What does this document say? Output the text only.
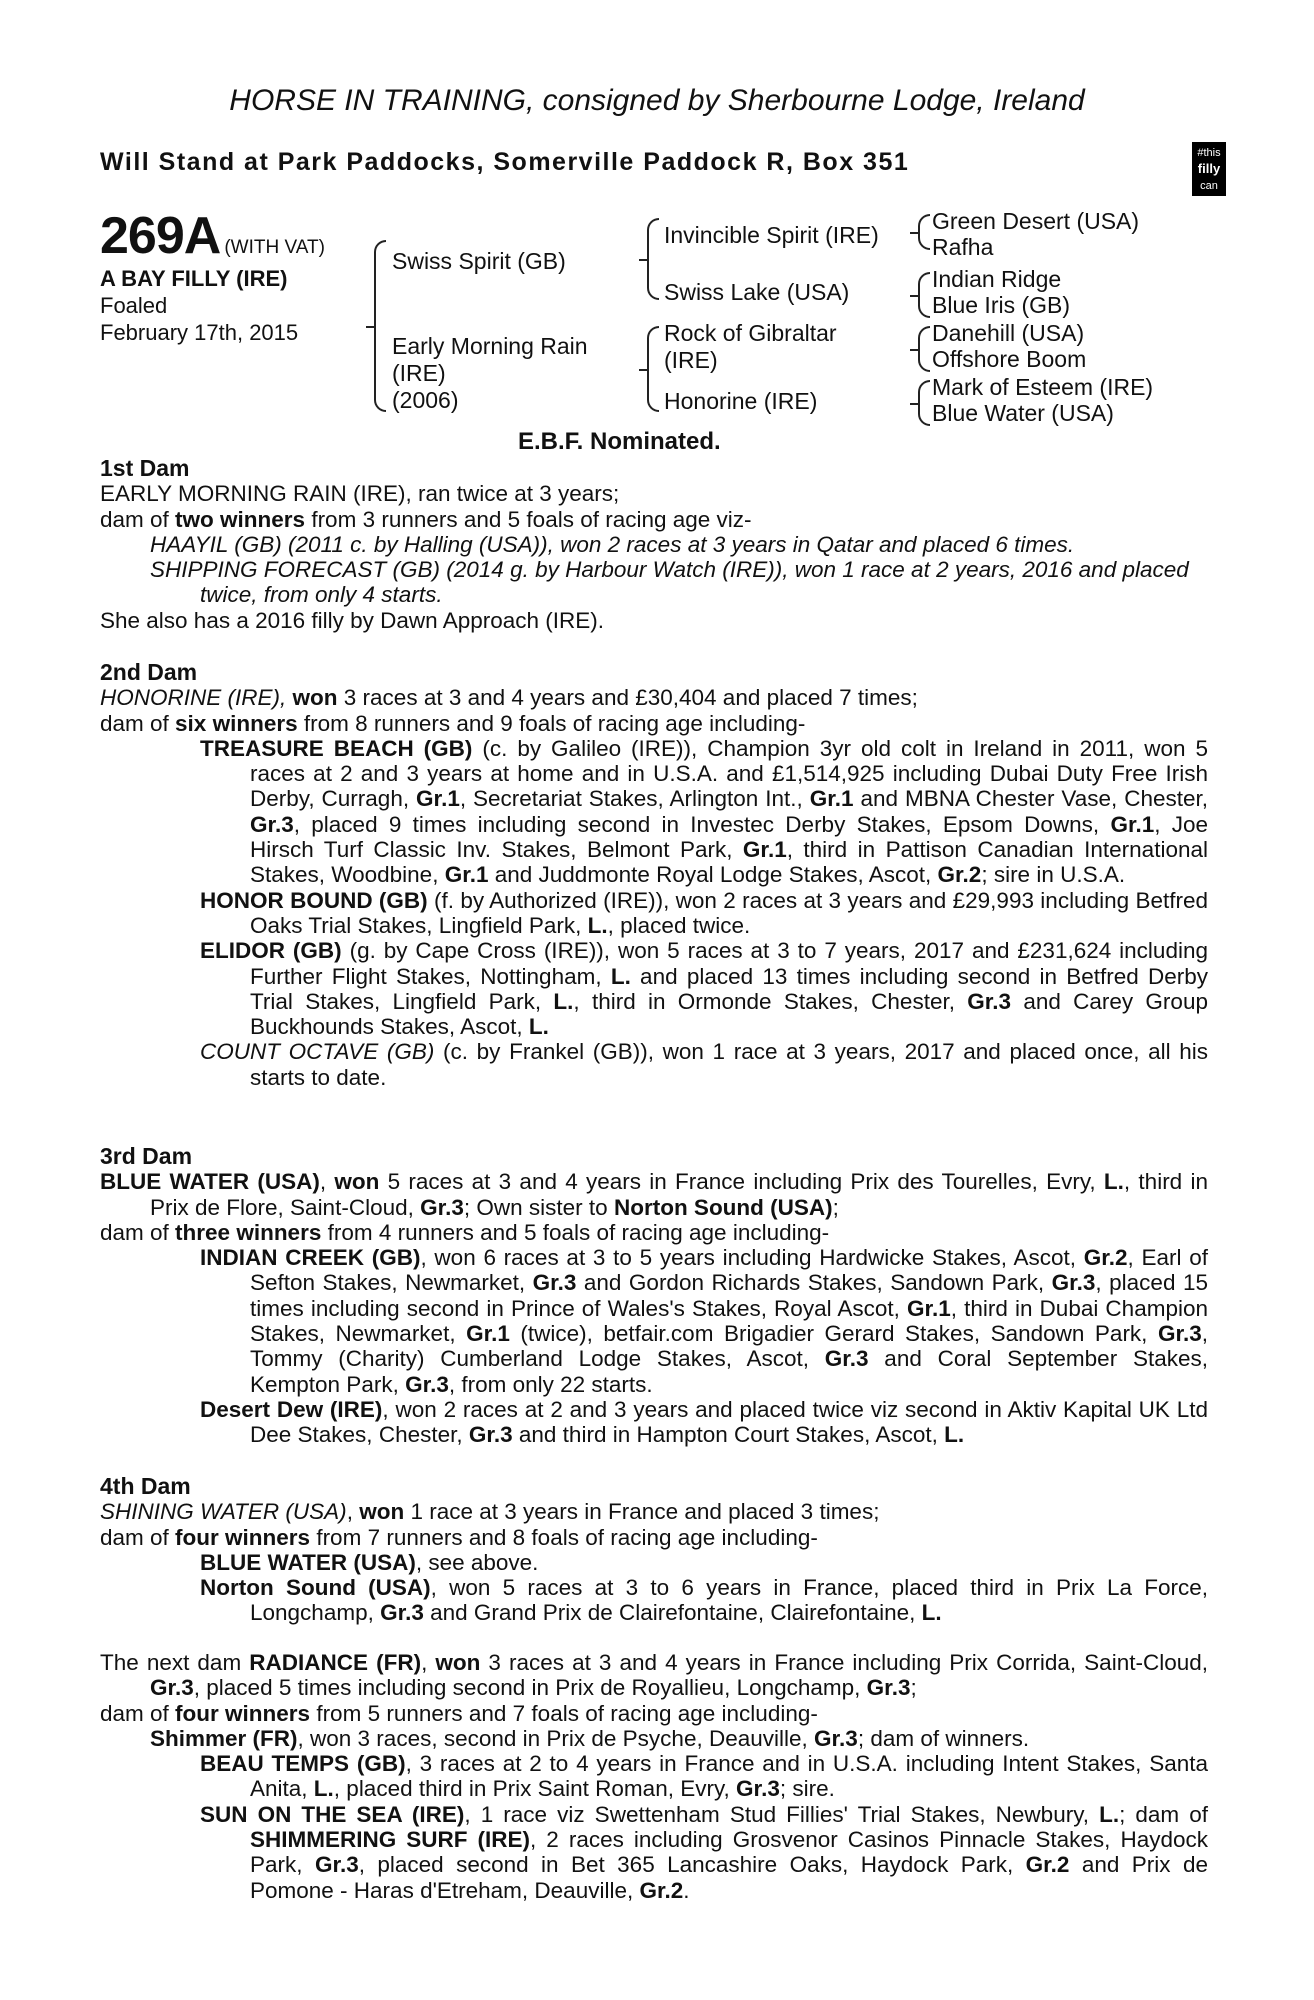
HORSE IN TRAINING, consigned by Sherbourne Lodge, Ireland
Will Stand at Park Paddocks, Somerville Paddock R, Box 351	#this
filly
can
269A (WITH VAT)
A BAY FILLY (IRE)
Foaled
February 17th, 2015
Swiss Spirit (GB)
Early Morning Rain
(IRE)
(2006)
Invincible Spirit (IRE)
Swiss Lake (USA)
Rock of Gibraltar
(IRE)
Honorine (IRE)
Green Desert (USA)
Rafha
Indian Ridge
Blue Iris (GB)
Danehill (USA)
Offshore Boom
Mark of Esteem (IRE)
Blue Water (USA)
E.B.F. Nominated.

1st Dam

EARLY MORNING RAIN (IRE), ran twice at 3 years;

dam of two winners from 3 runners and 5 foals of racing age viz-

HAAYIL (GB) (2011 c. by Halling (USA)), won 2 races at 3 years in Qatar and placed 6 times.

SHIPPING FORECAST (GB) (2014 g. by Harbour Watch (IRE)), won 1 race at 2 years, 2016 and placed twice, from only 4 starts.

She also has a 2016 filly by Dawn Approach (IRE).

2nd Dam

HONORINE (IRE), won 3 races at 3 and 4 years and £30,404 and placed 7 times;

dam of six winners from 8 runners and 9 foals of racing age including-

TREASURE BEACH (GB) (c. by Galileo (IRE)), Champion 3yr old colt in Ireland in 2011, won 5 races at 2 and 3 years at home and in U.S.A. and £1,514,925 including Dubai Duty Free Irish Derby, Curragh, Gr.1, Secretariat Stakes, Arlington Int., Gr.1 and MBNA Chester Vase, Chester, Gr.3, placed 9 times including second in Investec Derby Stakes, Epsom Downs, Gr.1, Joe Hirsch Turf Classic Inv. Stakes, Belmont Park, Gr.1, third in Pattison Canadian International Stakes, Woodbine, Gr.1 and Juddmonte Royal Lodge Stakes, Ascot, Gr.2; sire in U.S.A.

HONOR BOUND (GB) (f. by Authorized (IRE)), won 2 races at 3 years and £29,993 including Betfred Oaks Trial Stakes, Lingfield Park, L., placed twice.

ELIDOR (GB) (g. by Cape Cross (IRE)), won 5 races at 3 to 7 years, 2017 and £231,624 including Further Flight Stakes, Nottingham, L. and placed 13 times including second in Betfred Derby Trial Stakes, Lingfield Park, L., third in Ormonde Stakes, Chester, Gr.3 and Carey Group Buckhounds Stakes, Ascot, L.

COUNT OCTAVE (GB) (c. by Frankel (GB)), won 1 race at 3 years, 2017 and placed once, all his starts to date.

3rd Dam

BLUE WATER (USA), won 5 races at 3 and 4 years in France including Prix des Tourelles, Evry, L., third in Prix de Flore, Saint-Cloud, Gr.3; Own sister to Norton Sound (USA);

dam of three winners from 4 runners and 5 foals of racing age including-

INDIAN CREEK (GB), won 6 races at 3 to 5 years including Hardwicke Stakes, Ascot, Gr.2, Earl of Sefton Stakes, Newmarket, Gr.3 and Gordon Richards Stakes, Sandown Park, Gr.3, placed 15 times including second in Prince of Wales's Stakes, Royal Ascot, Gr.1, third in Dubai Champion Stakes, Newmarket, Gr.1 (twice), betfair.com Brigadier Gerard Stakes, Sandown Park, Gr.3, Tommy (Charity) Cumberland Lodge Stakes, Ascot, Gr.3 and Coral September Stakes, Kempton Park, Gr.3, from only 22 starts.

Desert Dew (IRE), won 2 races at 2 and 3 years and placed twice viz second in Aktiv Kapital UK Ltd Dee Stakes, Chester, Gr.3 and third in Hampton Court Stakes, Ascot, L.

4th Dam

SHINING WATER (USA), won 1 race at 3 years in France and placed 3 times;

dam of four winners from 7 runners and 8 foals of racing age including-

BLUE WATER (USA), see above.

Norton Sound (USA), won 5 races at 3 to 6 years in France, placed third in Prix La Force, Longchamp, Gr.3 and Grand Prix de Clairefontaine, Clairefontaine, L.

The next dam RADIANCE (FR), won 3 races at 3 and 4 years in France including Prix Corrida, Saint-Cloud, Gr.3, placed 5 times including second in Prix de Royallieu, Longchamp, Gr.3;

dam of four winners from 5 runners and 7 foals of racing age including-

Shimmer (FR), won 3 races, second in Prix de Psyche, Deauville, Gr.3; dam of winners.

BEAU TEMPS (GB), 3 races at 2 to 4 years in France and in U.S.A. including Intent Stakes, Santa Anita, L., placed third in Prix Saint Roman, Evry, Gr.3; sire.

SUN ON THE SEA (IRE), 1 race viz Swettenham Stud Fillies' Trial Stakes, Newbury, L.; dam of SHIMMERING SURF (IRE), 2 races including Grosvenor Casinos Pinnacle Stakes, Haydock Park, Gr.3, placed second in Bet 365 Lancashire Oaks, Haydock Park, Gr.2 and Prix de Pomone - Haras d'Etreham, Deauville, Gr.2.
